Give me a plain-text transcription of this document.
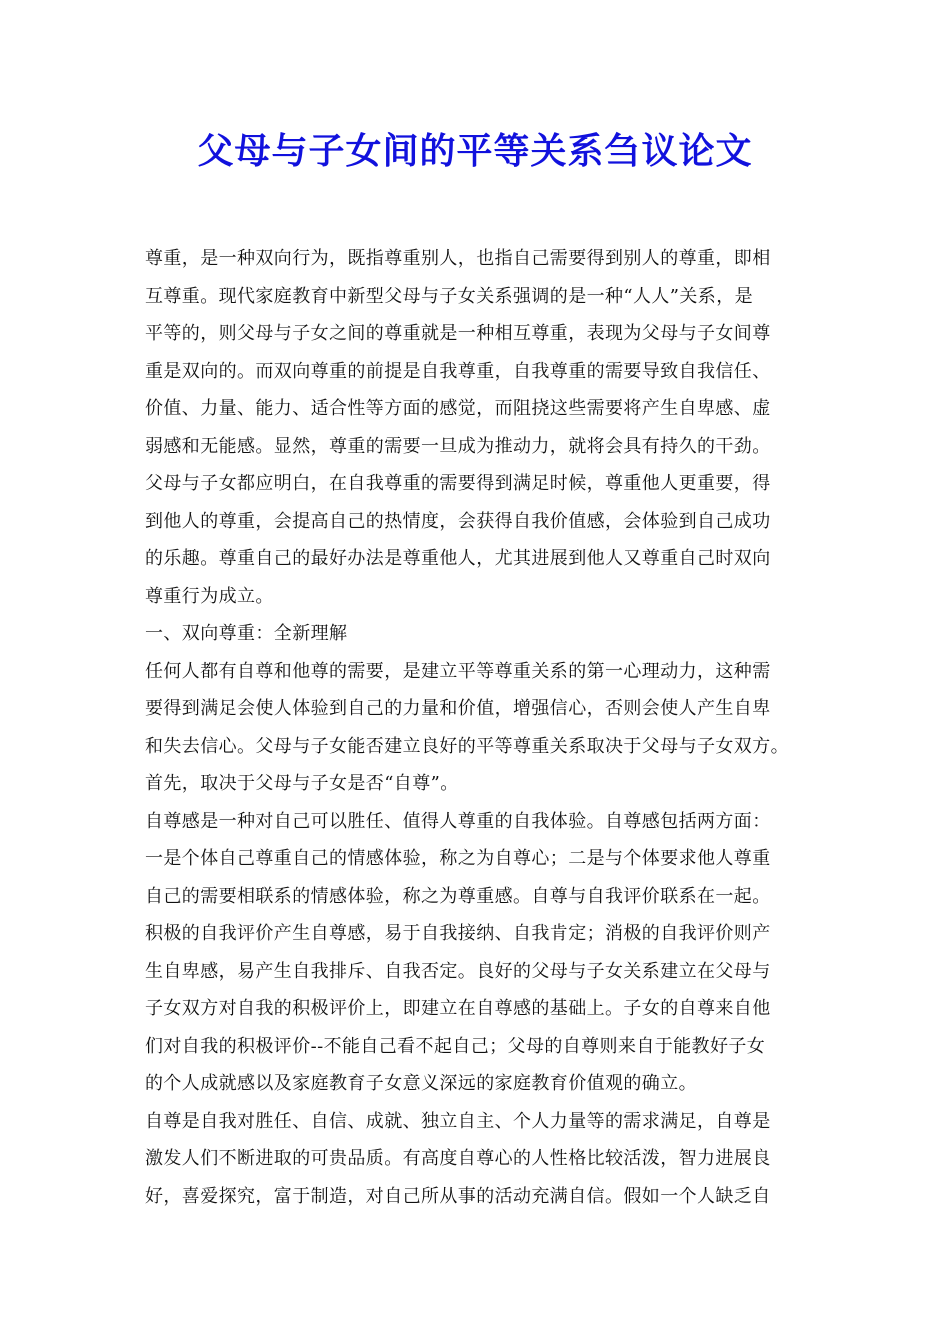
父母与子女间的平等关系刍议论文
尊重，是一种双向行为，既指尊重别人，也指自己需要得到别人的尊重，即相
互尊重。现代家庭教育中新型父母与子女关系强调的是一种“人人”关系，是
平等的，则父母与子女之间的尊重就是一种相互尊重，表现为父母与子女间尊
重是双向的。而双向尊重的前提是自我尊重，自我尊重的需要导致自我信任、
价值、力量、能力、适合性等方面的感觉，而阻挠这些需要将产生自卑感、虚
弱感和无能感。显然，尊重的需要一旦成为推动力，就将会具有持久的干劲。
父母与子女都应明白，在自我尊重的需要得到满足时候，尊重他人更重要，得
到他人的尊重，会提高自己的热情度，会获得自我价值感，会体验到自己成功
的乐趣。尊重自己的最好办法是尊重他人，尤其进展到他人又尊重自己时双向
尊重行为成立。
一、双向尊重：全新理解
任何人都有自尊和他尊的需要，是建立平等尊重关系的第一心理动力，这种需
要得到满足会使人体验到自己的力量和价值，增强信心，否则会使人产生自卑
和失去信心。父母与子女能否建立良好的平等尊重关系取决于父母与子女双方。
首先，取决于父母与子女是否“自尊”。
自尊感是一种对自己可以胜任、值得人尊重的自我体验。自尊感包括两方面：
一是个体自己尊重自己的情感体验，称之为自尊心；二是与个体要求他人尊重
自己的需要相联系的情感体验，称之为尊重感。自尊与自我评价联系在一起。
积极的自我评价产生自尊感，易于自我接纳、自我肯定；消极的自我评价则产
生自卑感，易产生自我排斥、自我否定。良好的父母与子女关系建立在父母与
子女双方对自我的积极评价上，即建立在自尊感的基础上。子女的自尊来自他
们对自我的积极评价--不能自己看不起自己；父母的自尊则来自于能教好子女
的个人成就感以及家庭教育子女意义深远的家庭教育价值观的确立。
自尊是自我对胜任、自信、成就、独立自主、个人力量等的需求满足，自尊是
激发人们不断进取的可贵品质。有高度自尊心的人性格比较活泼，智力进展良
好，喜爱探究，富于制造，对自己所从事的活动充满自信。假如一个人缺乏自
